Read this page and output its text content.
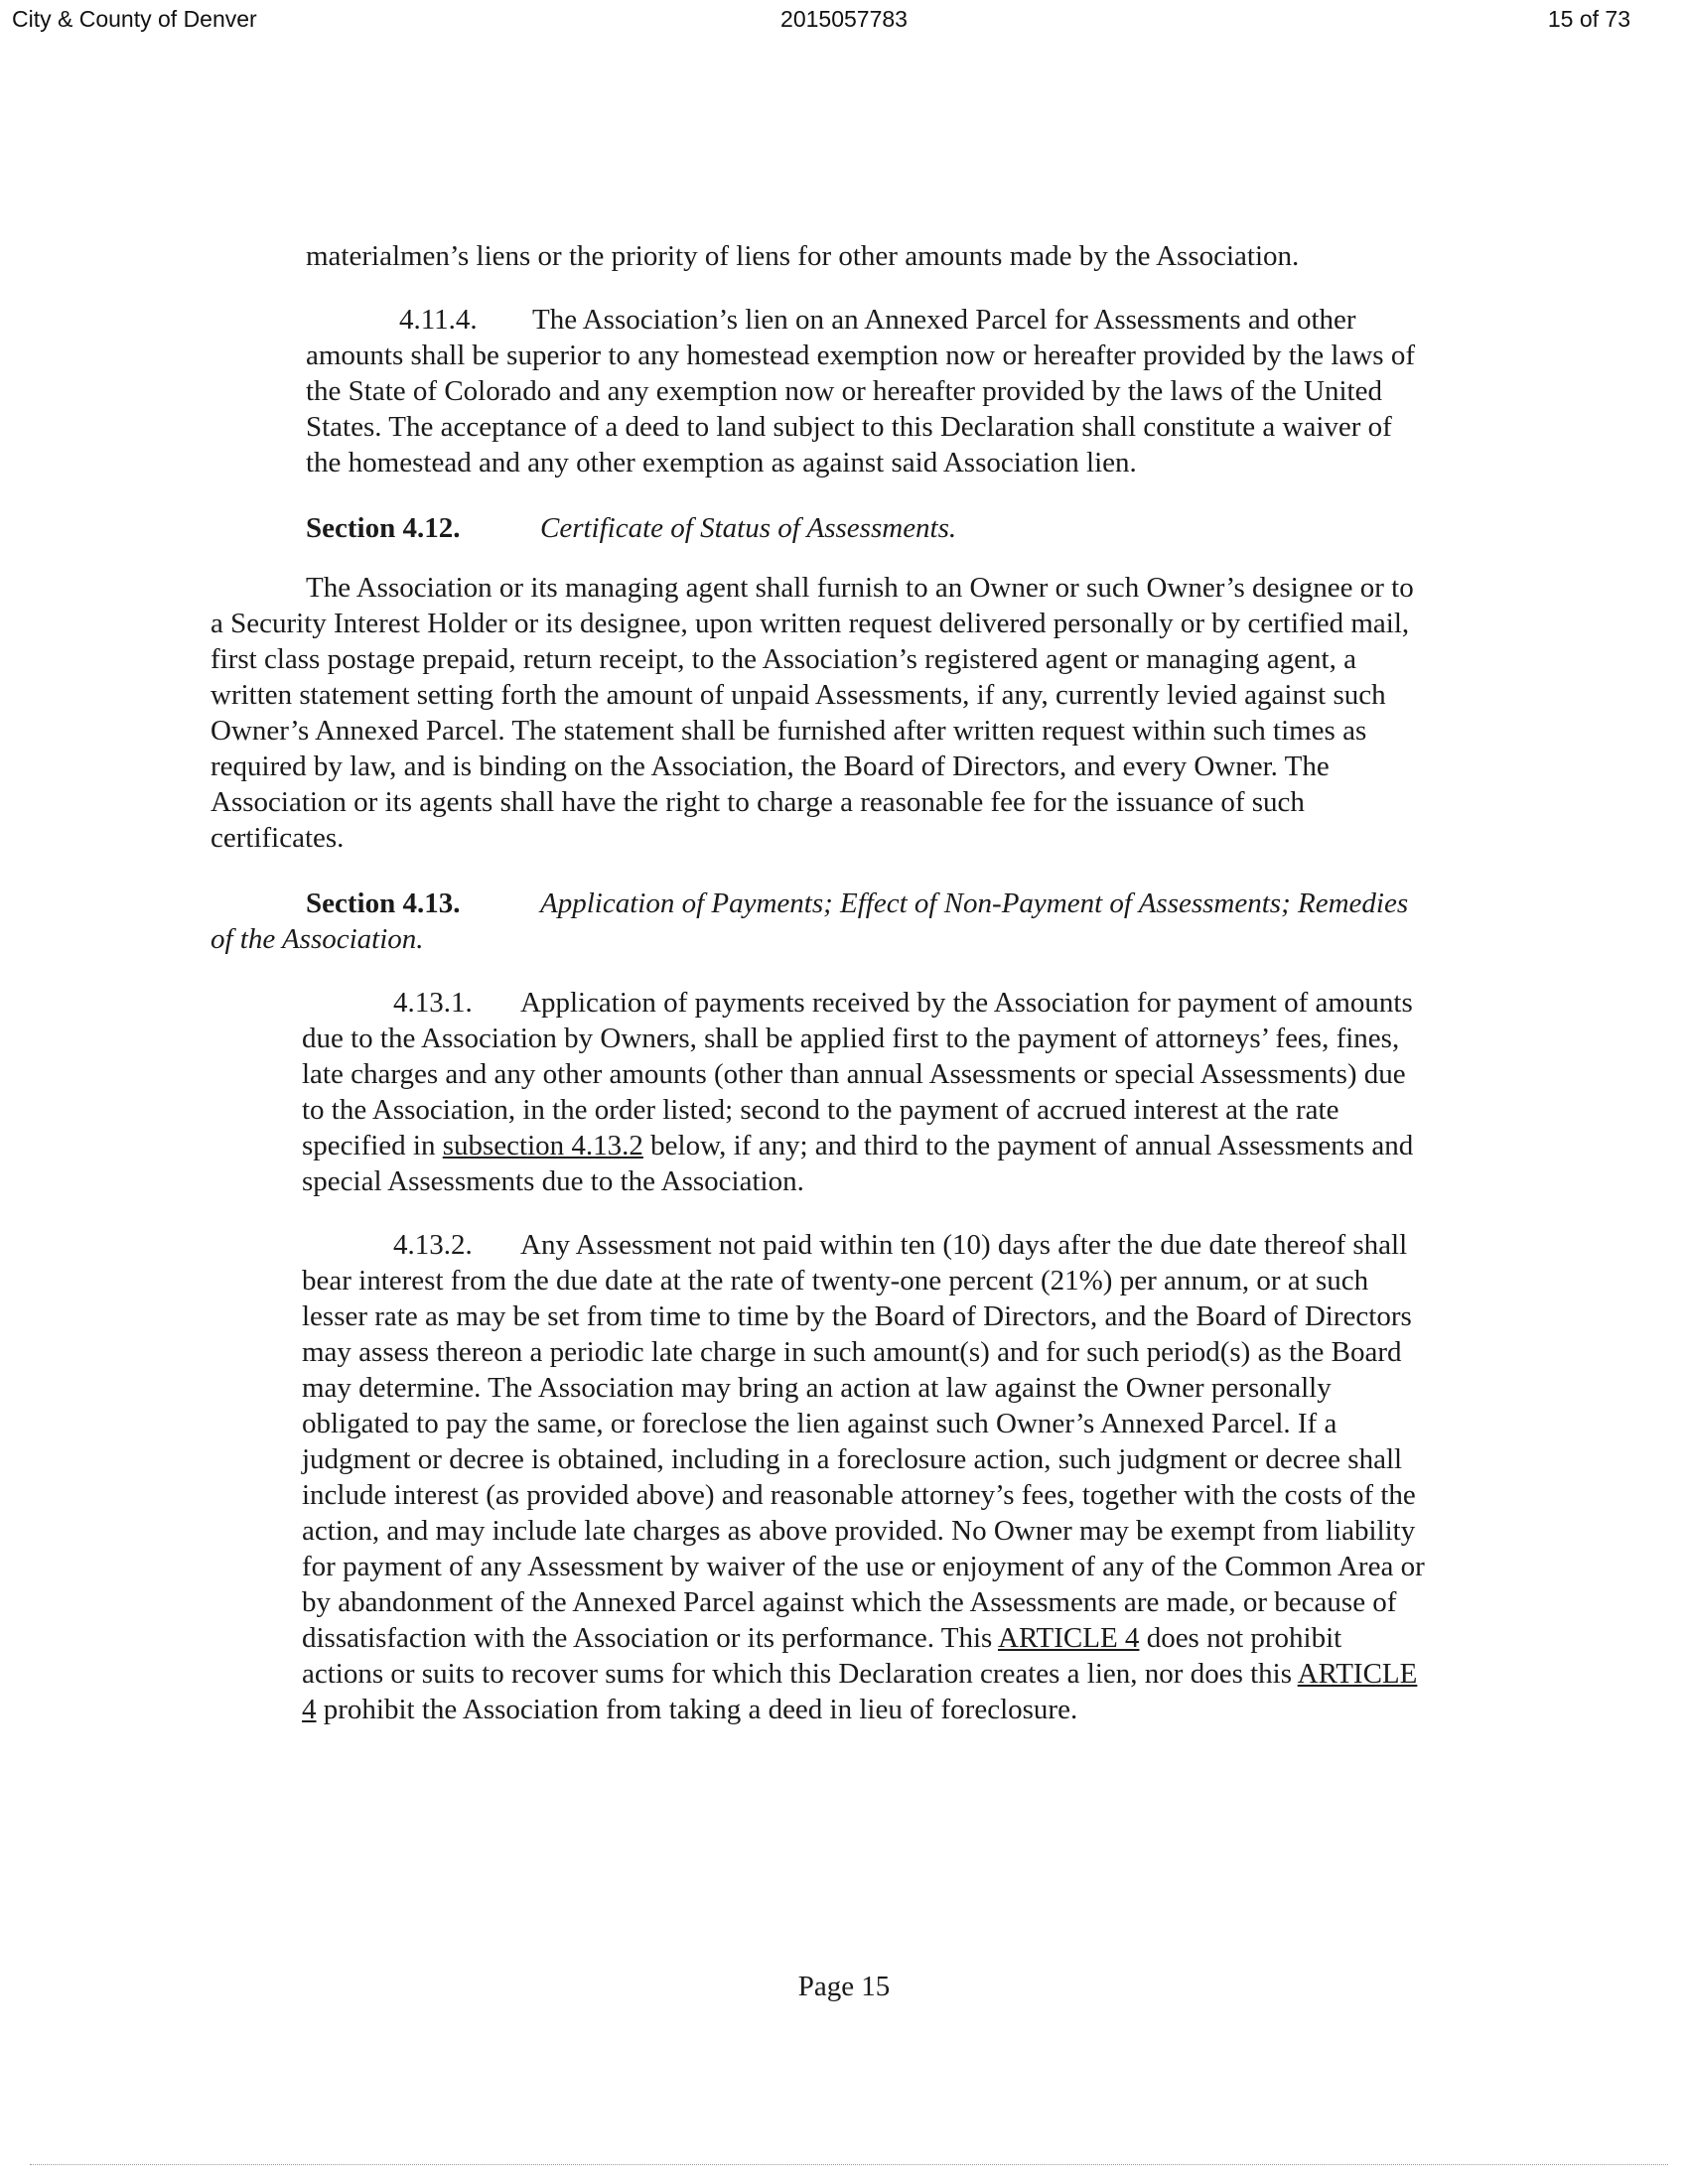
City & County of Denver	2015057783	15 of 73

materialmen’s liens or the priority of liens for other amounts made by the Association.

4.11.4. The Association’s lien on an Annexed Parcel for Assessments and other amounts shall be superior to any homestead exemption now or hereafter provided by the laws of the State of Colorado and any exemption now or hereafter provided by the laws of the United States. The acceptance of a deed to land subject to this Declaration shall constitute a waiver of the homestead and any other exemption as against said Association lien.

Section 4.12.	Certificate of Status of Assessments.

The Association or its managing agent shall furnish to an Owner or such Owner’s designee or to a Security Interest Holder or its designee, upon written request delivered personally or by certified mail, first class postage prepaid, return receipt, to the Association’s registered agent or managing agent, a written statement setting forth the amount of unpaid Assessments, if any, currently levied against such Owner’s Annexed Parcel. The statement shall be furnished after written request within such times as required by law, and is binding on the Association, the Board of Directors, and every Owner. The Association or its agents shall have the right to charge a reasonable fee for the issuance of such certificates.

Section 4.13.	Application of Payments; Effect of Non-Payment of Assessments; Remedies of the Association.

4.13.1. Application of payments received by the Association for payment of amounts due to the Association by Owners, shall be applied first to the payment of attorneys’ fees, fines, late charges and any other amounts (other than annual Assessments or special Assessments) due to the Association, in the order listed; second to the payment of accrued interest at the rate specified in subsection 4.13.2 below, if any; and third to the payment of annual Assessments and special Assessments due to the Association.

4.13.2. Any Assessment not paid within ten (10) days after the due date thereof shall bear interest from the due date at the rate of twenty-one percent (21%) per annum, or at such lesser rate as may be set from time to time by the Board of Directors, and the Board of Directors may assess thereon a periodic late charge in such amount(s) and for such period(s) as the Board may determine. The Association may bring an action at law against the Owner personally obligated to pay the same, or foreclose the lien against such Owner’s Annexed Parcel. If a judgment or decree is obtained, including in a foreclosure action, such judgment or decree shall include interest (as provided above) and reasonable attorney’s fees, together with the costs of the action, and may include late charges as above provided. No Owner may be exempt from liability for payment of any Assessment by waiver of the use or enjoyment of any of the Common Area or by abandonment of the Annexed Parcel against which the Assessments are made, or because of dissatisfaction with the Association or its performance. This ARTICLE 4 does not prohibit actions or suits to recover sums for which this Declaration creates a lien, nor does this ARTICLE 4 prohibit the Association from taking a deed in lieu of foreclosure.

Page 15
